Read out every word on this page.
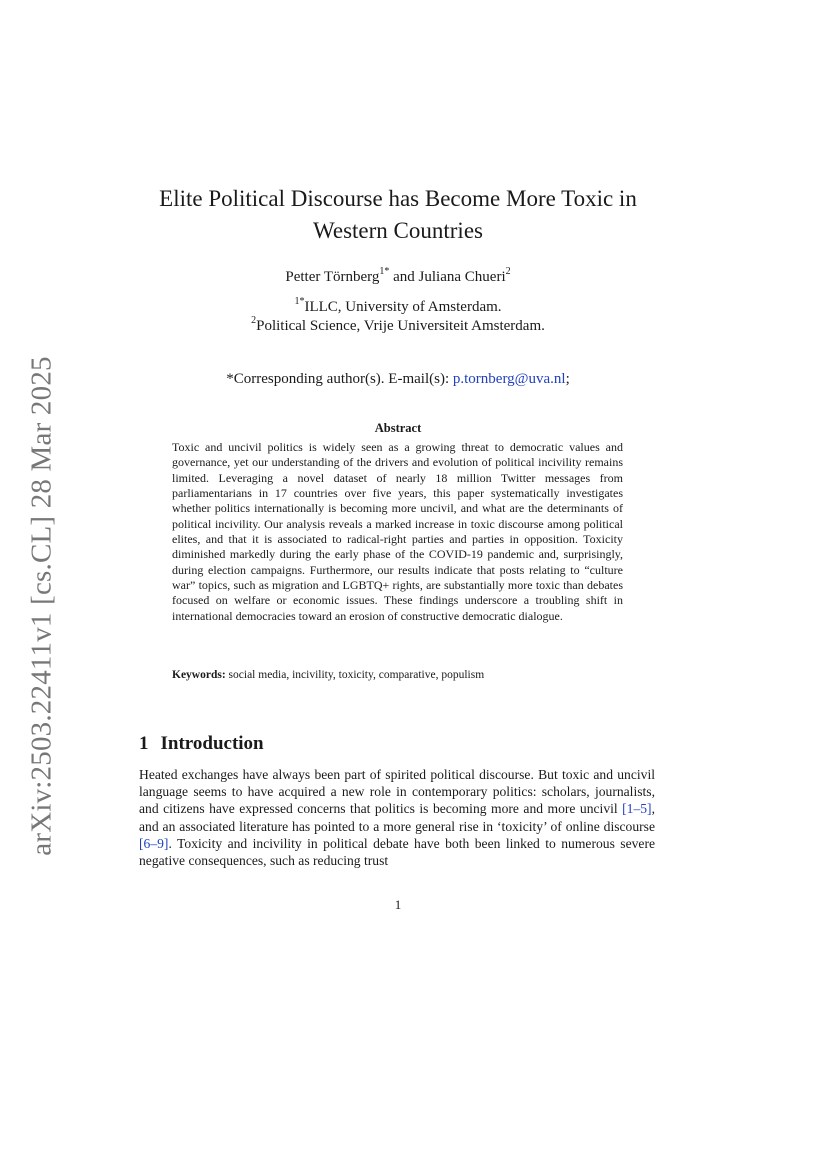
arXiv:2503.22411v1 [cs.CL] 28 Mar 2025
Elite Political Discourse has Become More Toxic in
Western Countries
Petter Törnberg$^{1*}$ and Juliana Chueri$^2$
$^{1*}$ILLC, University of Amsterdam.
$^2$Political Science, Vrije Universiteit Amsterdam.
*Corresponding author(s). E-mail(s): p.tornberg@uva.nl;
Abstract

Toxic and uncivil politics is widely seen as a growing threat to democratic values and governance, yet our understanding of the drivers and evolution of political incivility remains limited. Leveraging a novel dataset of nearly 18 million Twitter messages from parliamentarians in 17 countries over five years, this paper systematically investigates whether politics internationally is becoming more uncivil, and what are the determinants of political incivility. Our analysis reveals a marked increase in toxic discourse among political elites, and that it is associated to radical-right parties and parties in opposition. Toxicity diminished markedly during the early phase of the COVID-19 pandemic and, surprisingly, during election campaigns. Furthermore, our results indicate that posts relating to “culture war” topics, such as migration and LGBTQ+ rights, are substantially more toxic than debates focused on welfare or economic issues. These findings underscore a troubling shift in international democracies toward an erosion of constructive democratic dialogue.

Keywords: social media, incivility, toxicity, comparative, populism
1 Introduction

Heated exchanges have always been part of spirited political discourse. But toxic and uncivil language seems to have acquired a new role in contemporary politics: scholars, journalists, and citizens have expressed concerns that politics is becoming more and more uncivil [1–5], and an associated literature has pointed to a more general rise in ‘toxicity’ of online discourse [6–9]. Toxicity and incivility in political debate have both been linked to numerous severe negative consequences, such as reducing trust

1
